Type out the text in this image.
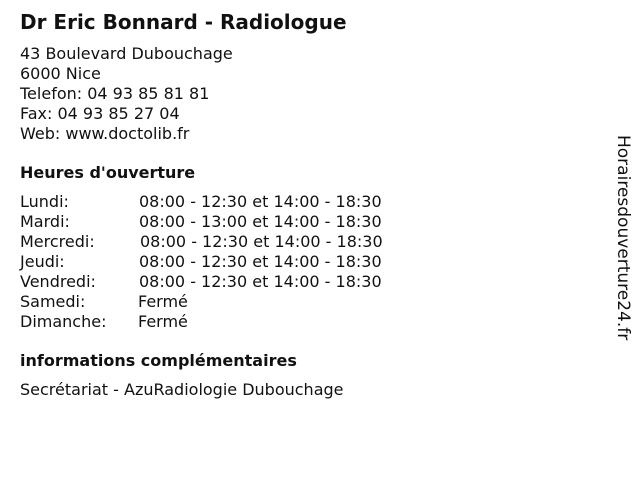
Dr Eric Bonnard - Radiologue
43 Boulevard Dubouchage
6000 Nice
Telefon: 04 93 85 81 81
Fax: 04 93 85 27 04
Web: www.doctolib.fr
Heures d'ouverture
Lundi:	08:00 - 12:30 et 14:00 - 18:30
Mardi:	08:00 - 13:00 et 14:00 - 18:30
Mercredi:	08:00 - 12:30 et 14:00 - 18:30
Jeudi:	08:00 - 12:30 et 14:00 - 18:30
Vendredi:	08:00 - 12:30 et 14:00 - 18:30
Samedi:	Fermé
Dimanche: Fermé
informations complémentaires
Secrétariat - AzuRadiologie Dubouchage
Horairesdouverture24.fr
